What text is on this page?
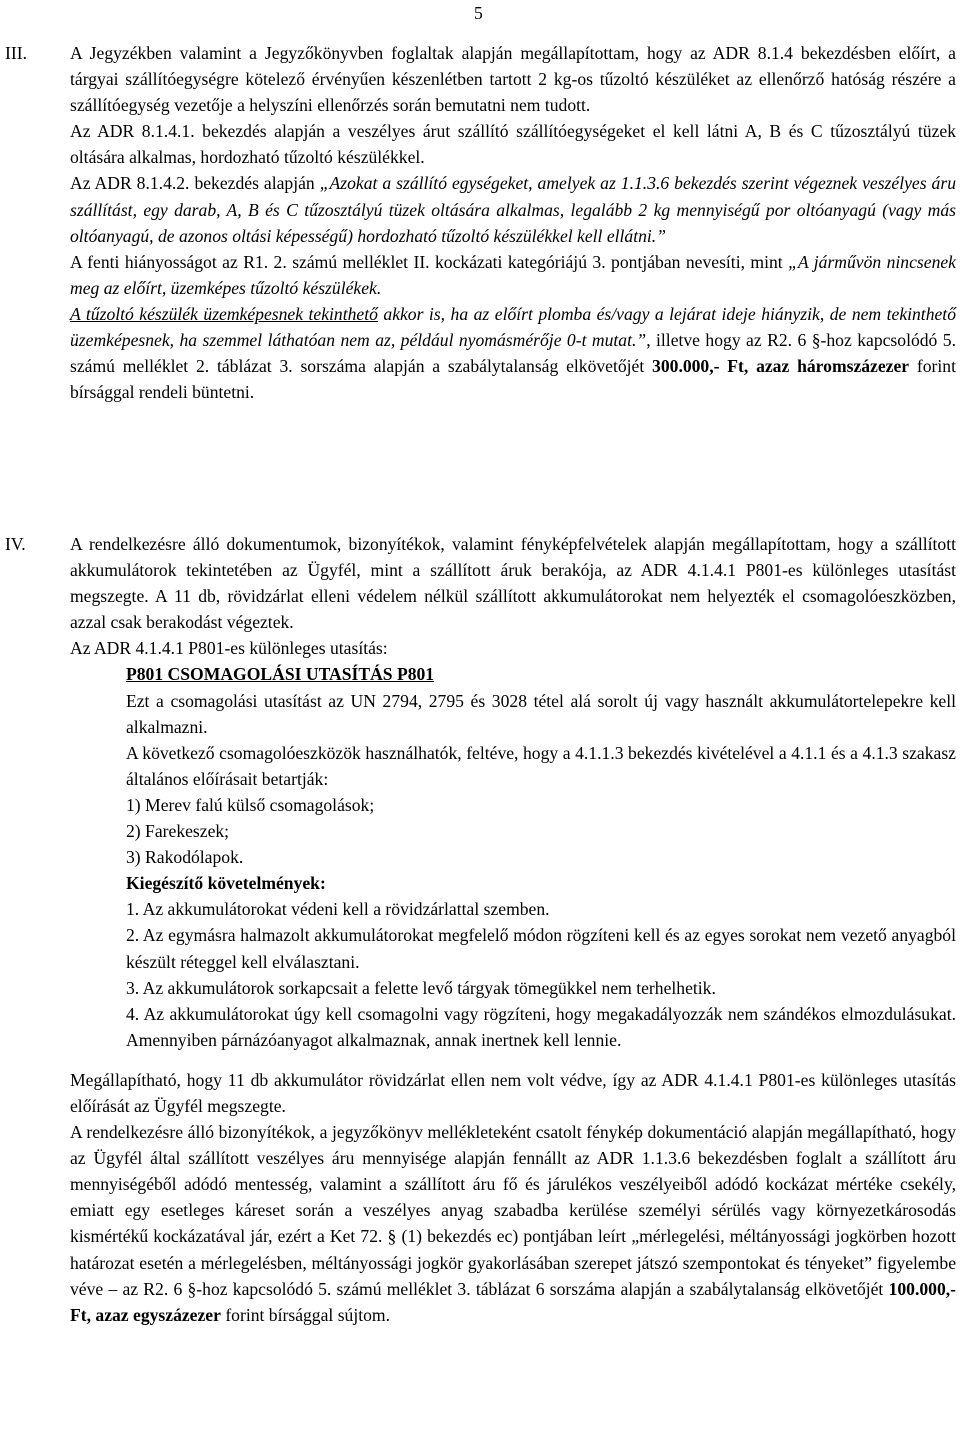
5
III. A Jegyzékben valamint a Jegyzőkönyvben foglaltak alapján megállapítottam, hogy az ADR 8.1.4 bekezdésben előírt, a tárgyai szállítóegységre kötelező érvényűen készenlétben tartott 2 kg-os tűzoltó készüléket az ellenőrző hatóság részére a szállítóegység vezetője a helyszíni ellenőrzés során bemutatni nem tudott.

Az ADR 8.1.4.1. bekezdés alapján a veszélyes árut szállító szállítóegységeket el kell látni A, B és C tűzosztályú tüzek oltására alkalmas, hordozható tűzoltó készülékkel.

Az ADR 8.1.4.2. bekezdés alapján „Azokat a szállító egységeket, amelyek az 1.1.3.6 bekezdés szerint végeznek veszélyes áru szállítást, egy darab, A, B és C tűzosztályú tüzek oltására alkalmas, legalább 2 kg mennyiségű por oltóanyagú (vagy más oltóanyagú, de azonos oltási képességű) hordozható tűzoltó készülékkel kell ellátni.”

A fenti hiányosságot az R1. 2. számú melléklet II. kockázati kategóriájú 3. pontjában nevesíti, mint „A járművön nincsenek meg az előírt, üzemképes tűzoltó készülékek.

A tűzoltó készülék üzemképesnek tekinthető akkor is, ha az előírt plomba és/vagy a lejárat ideje hiányzik, de nem tekinthető üzemképesnek, ha szemmel láthatóan nem az, például nyomásmérője 0-t mutat.”, illetve hogy az R2. 6 §-hoz kapcsolódó 5. számú melléklet 2. táblázat 3. sorszáma alapján a szabálytalanság elkövetőjét 300.000,- Ft, azaz háromszázezer forint bírsággal rendeli büntetni.

IV.	A rendelkezésre álló dokumentumok, bizonyítékok, valamint fényképfelvételek alapján megállapítottam, hogy a szállított akkumulátorok tekintetében az Ügyfél, mint a szállított áruk berakója, az ADR 4.1.4.1 P801-es különleges utasítást megszegte. A 11 db, rövidzárlat elleni védelem nélkül szállított akkumulátorokat nem helyezték el csomagolóeszközben, azzal csak berakodást végeztek.

Az ADR 4.1.4.1 P801-es különleges utasítás:

P801 CSOMAGOLÁSI UTASÍTÁS P801

Ezt a csomagolási utasítást az UN 2794, 2795 és 3028 tétel alá sorolt új vagy használt akkumulátortelepekre kell alkalmazni.

A következő csomagolóeszközök használhatók, feltéve, hogy a 4.1.1.3 bekezdés kivételével a 4.1.1 és a 4.1.3 szakasz általános előírásait betartják:

1) Merev falú külső csomagolások;

2) Farekeszek;

3) Rakodólapok.

Kiegészítő követelmények:

1. Az akkumulátorokat védeni kell a rövidzárlattal szemben.

2. Az egymásra halmazolt akkumulátorokat megfelelő módon rögzíteni kell és az egyes sorokat nem vezető anyagból készült réteggel kell elválasztani.

3. Az akkumulátorok sorkapcsait a felette levő tárgyak tömegükkel nem terhelhetik.

4. Az akkumulátorokat úgy kell csomagolni vagy rögzíteni, hogy megakadályozzák nem szándékos elmozdulásukat. Amennyiben párnázóanyagot alkalmaznak, annak inertnek kell lennie.

Megállapítható, hogy 11 db akkumulátor rövidzárlat ellen nem volt védve, így az ADR 4.1.4.1 P801-es különleges utasítás előírását az Ügyfél megszegte.

A rendelkezésre álló bizonyítékok, a jegyzőkönyv mellékleteként csatolt fénykép dokumentáció alapján megállapítható, hogy az Ügyfél által szállított veszélyes áru mennyisége alapján fennállt az ADR 1.1.3.6 bekezdésben foglalt a szállított áru mennyiségéből adódó mentesség, valamint a szállított áru fő és járulékos veszélyeiből adódó kockázat mértéke csekély, emiatt egy esetleges káreset során a veszélyes anyag szabadba kerülése személyi sérülés vagy környezetkárosodás kismértékű kockázatával jár, ezért a Ket 72. § (1) bekezdés ec) pontjában leírt „mérlegelési, méltányossági jogkörben hozott határozat esetén a mérlegelésben, méltányossági jogkör gyakorlásában szerepet játszó szempontokat és tényeket” figyelembe véve – az R2. 6 §-hoz kapcsolódó 5. számú melléklet 3. táblázat 6 sorszáma alapján a szabálytalanság elkövetőjét 100.000,- Ft, azaz egyszázezer forint bírsággal sújtom.
